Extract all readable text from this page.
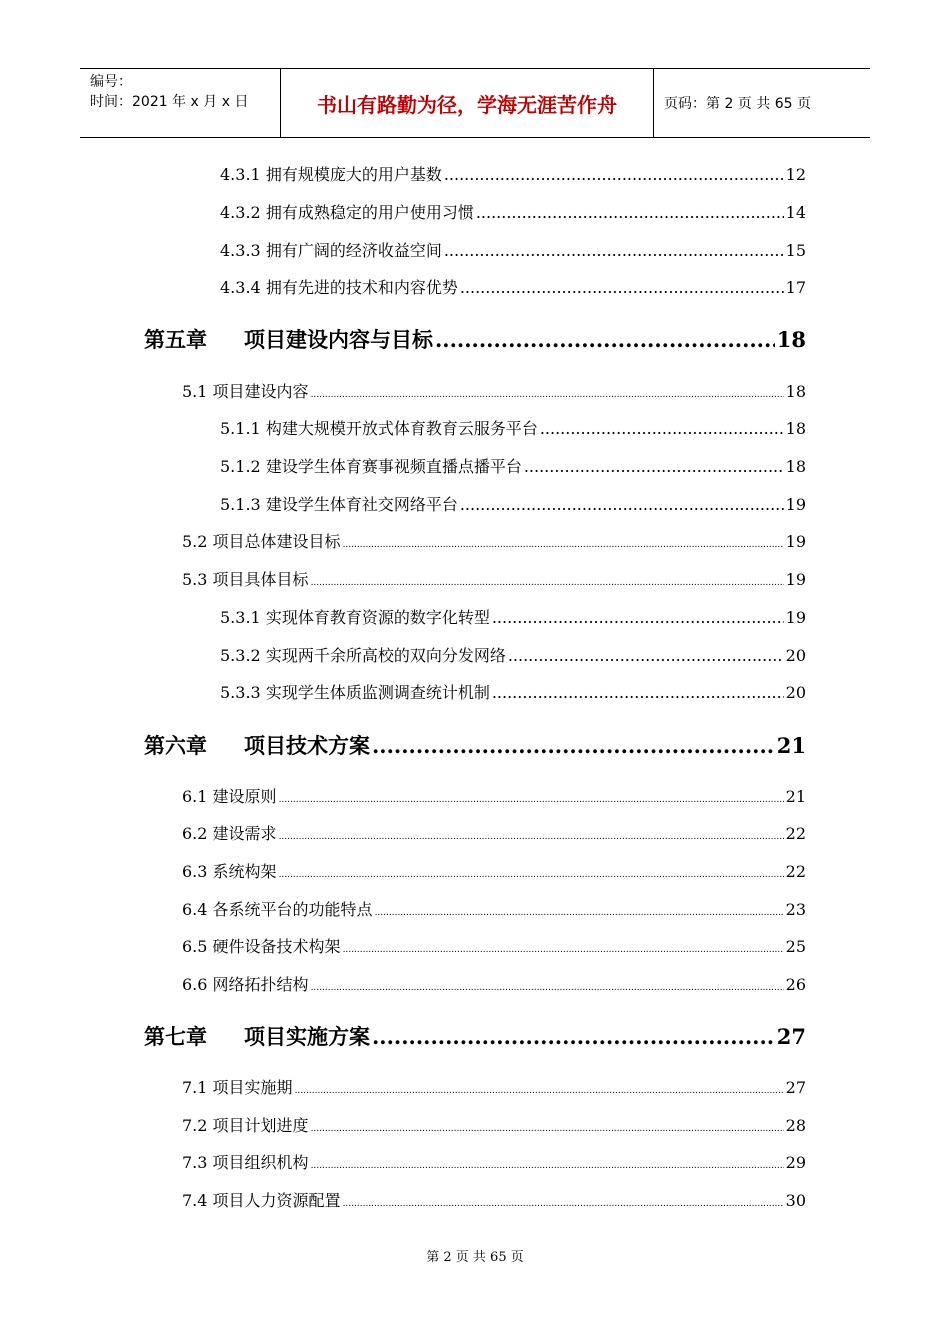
编号：
时间：2021 年 x 月 x 日	书山有路勤为径，学海无涯苦作舟	页码：第 2 页 共 65 页
4.3.1 拥有规模庞大的用户基数 .....	12
4.3.2 拥有成熟稳定的用户使用习惯 .....	14
4.3.3 拥有广阔的经济收益空间 .....	15
4.3.4 拥有先进的技术和内容优势 .....	17
第五章 项目建设内容与目标 .....	18
5.1 项目建设内容 .....	18
5.1.1 构建大规模开放式体育教育云服务平台 .....	18
5.1.2 建设学生体育赛事视频直播点播平台 .....	18
5.1.3 建设学生体育社交网络平台 .....	19
5.2 项目总体建设目标 .....	19
5.3 项目具体目标 .....	19
5.3.1 实现体育教育资源的数字化转型 .....	19
5.3.2 实现两千余所高校的双向分发网络 .....	20
5.3.3 实现学生体质监测调查统计机制 .....	20
第六章 项目技术方案 .....	21
6.1 建设原则 .....	21
6.2 建设需求 .....	22
6.3 系统构架 .....	22
6.4 各系统平台的功能特点 .....	23
6.5 硬件设备技术构架 .....	25
6.6 网络拓扑结构 .....	26
第七章 项目实施方案 .....	27
7.1 项目实施期 .....	27
7.2 项目计划进度 .....	28
7.3 项目组织机构 .....	29
7.4 项目人力资源配置 .....	30
第 2 页 共 65 页
